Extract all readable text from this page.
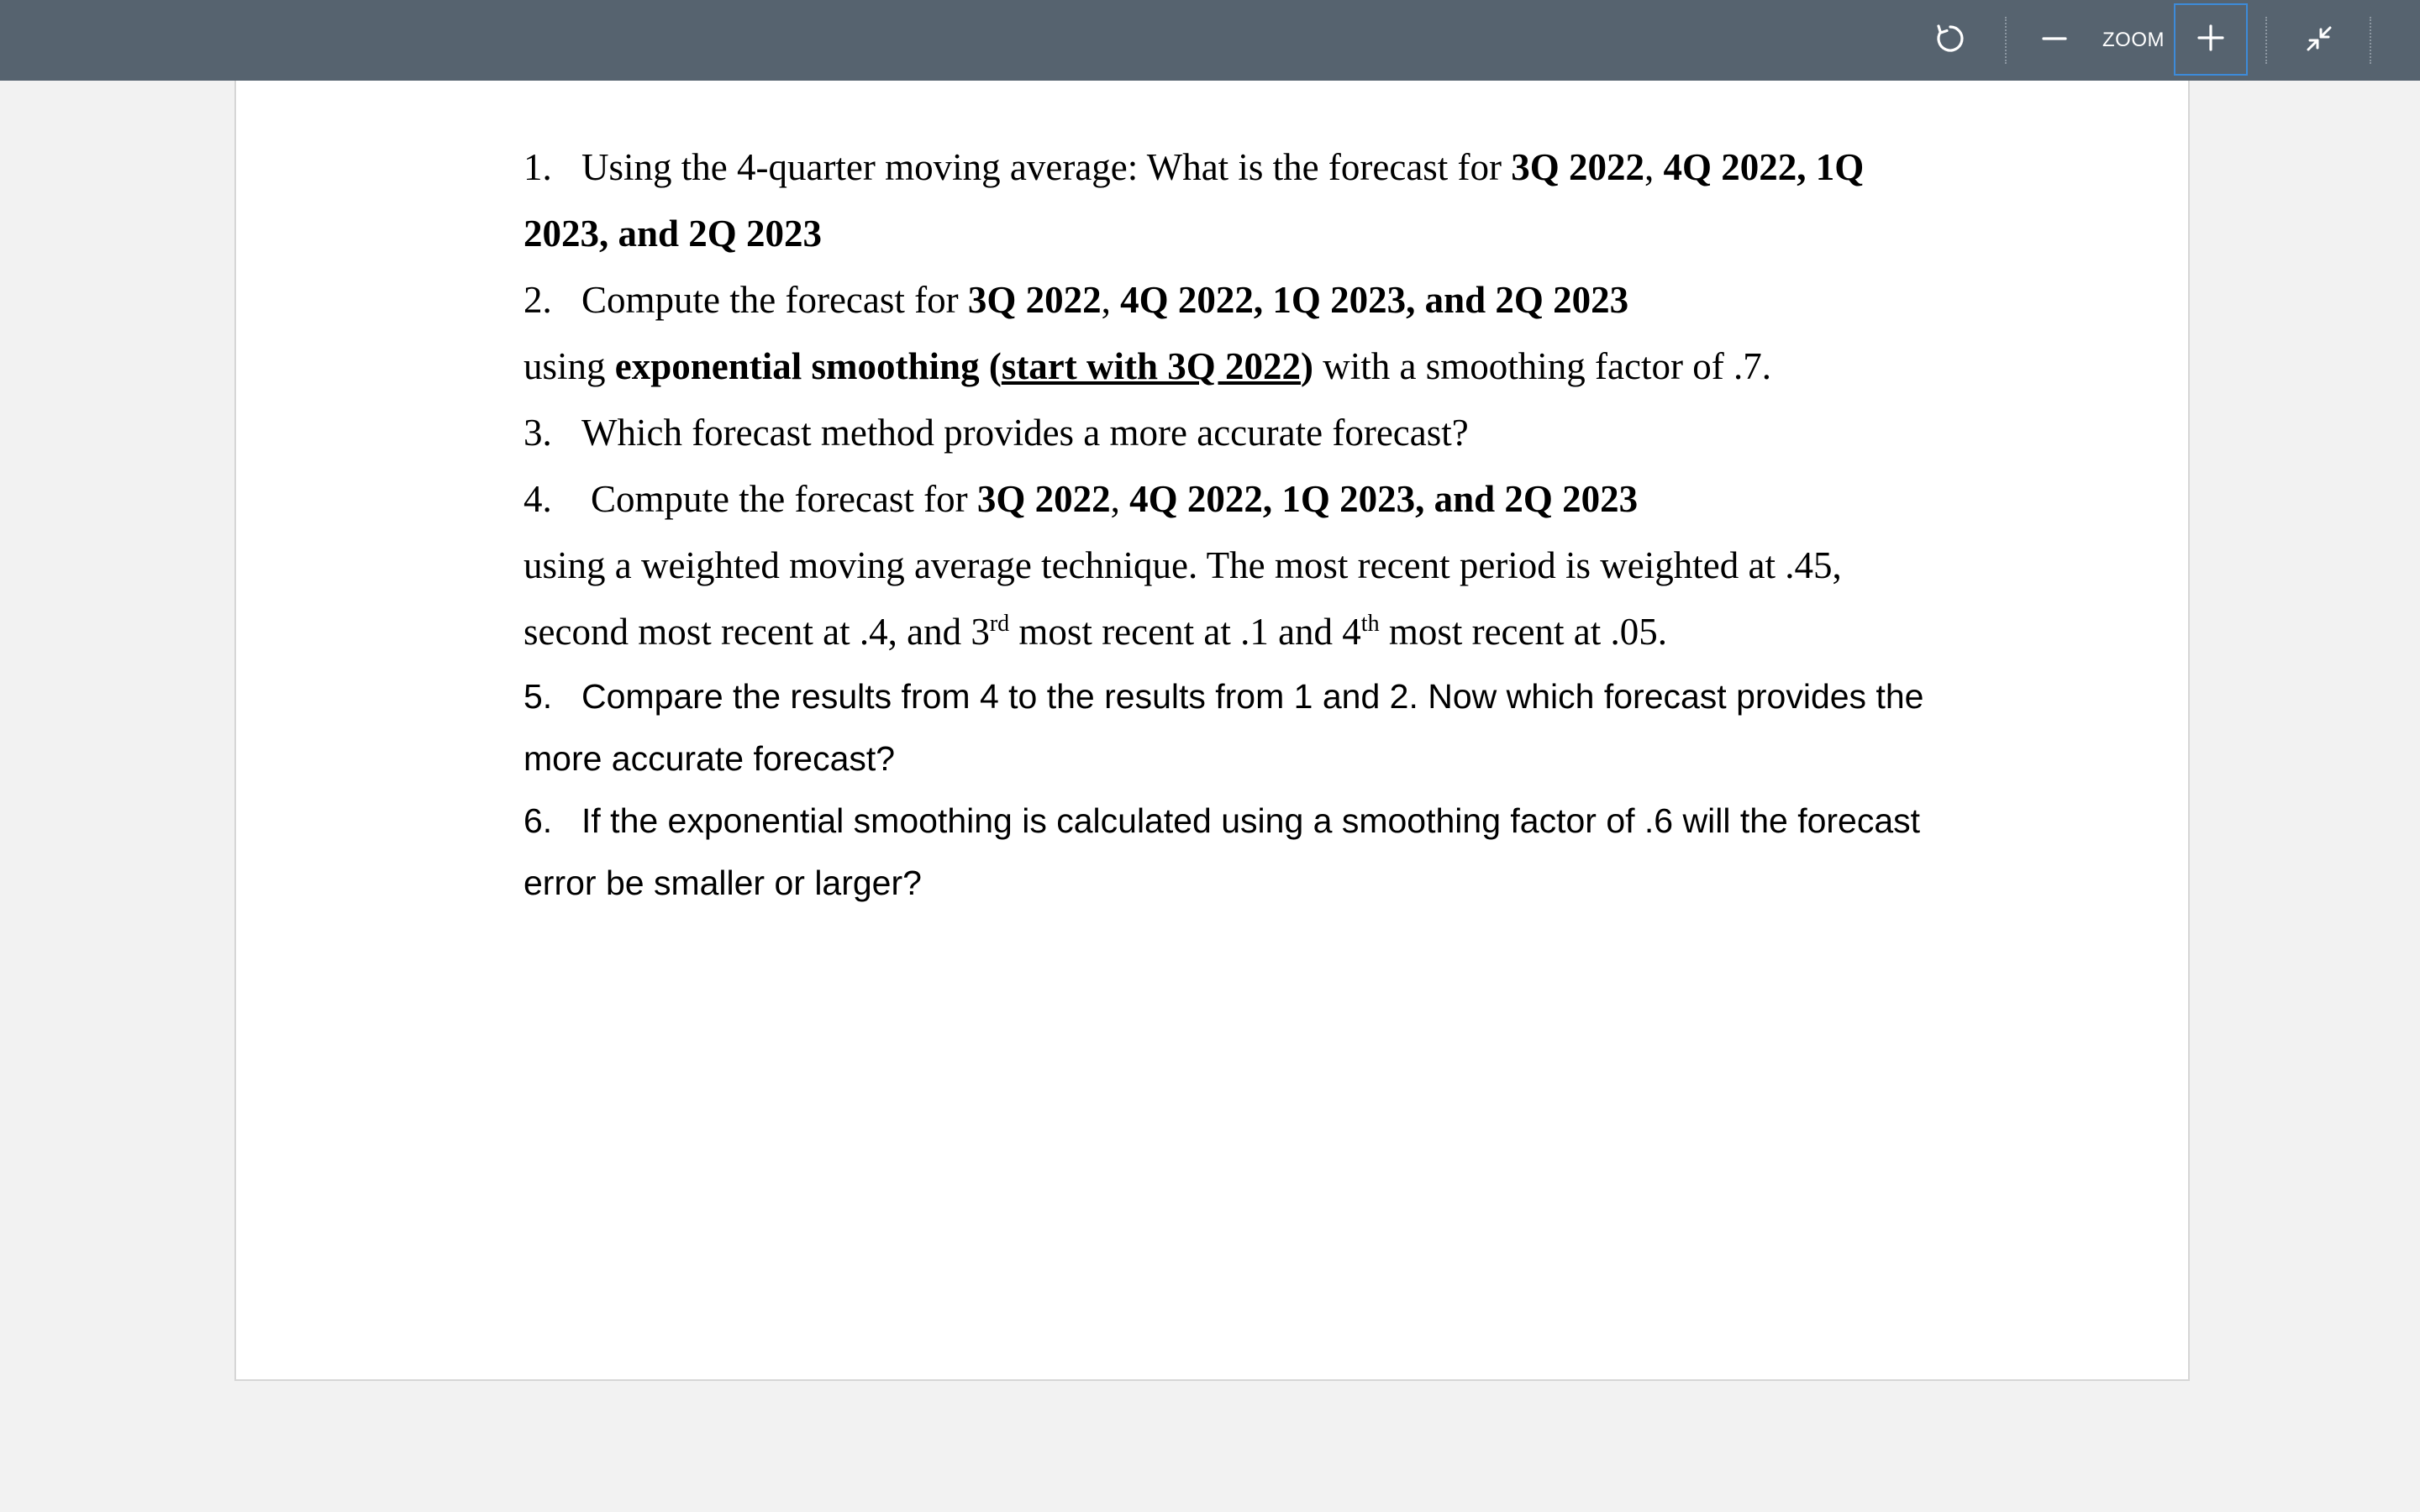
ZOOM

1. Using the 4-quarter moving average: What is the forecast for 3Q 2022, 4Q 2022, 1Q

2023, and 2Q 2023

2. Compute the forecast for 3Q 2022, 4Q 2022, 1Q 2023, and 2Q 2023

using exponential smoothing (start with 3Q 2022) with a smoothing factor of .7.

3. Which forecast method provides a more accurate forecast?

4. Compute the forecast for 3Q 2022, 4Q 2022, 1Q 2023, and 2Q 2023

using a weighted moving average technique. The most recent period is weighted at .45,

second most recent at .4, and 3rd most recent at .1 and 4th most recent at .05.

5. Compare the results from 4 to the results from 1 and 2. Now which forecast provides the

more accurate forecast?

6. If the exponential smoothing is calculated using a smoothing factor of .6 will the forecast

error be smaller or larger?
